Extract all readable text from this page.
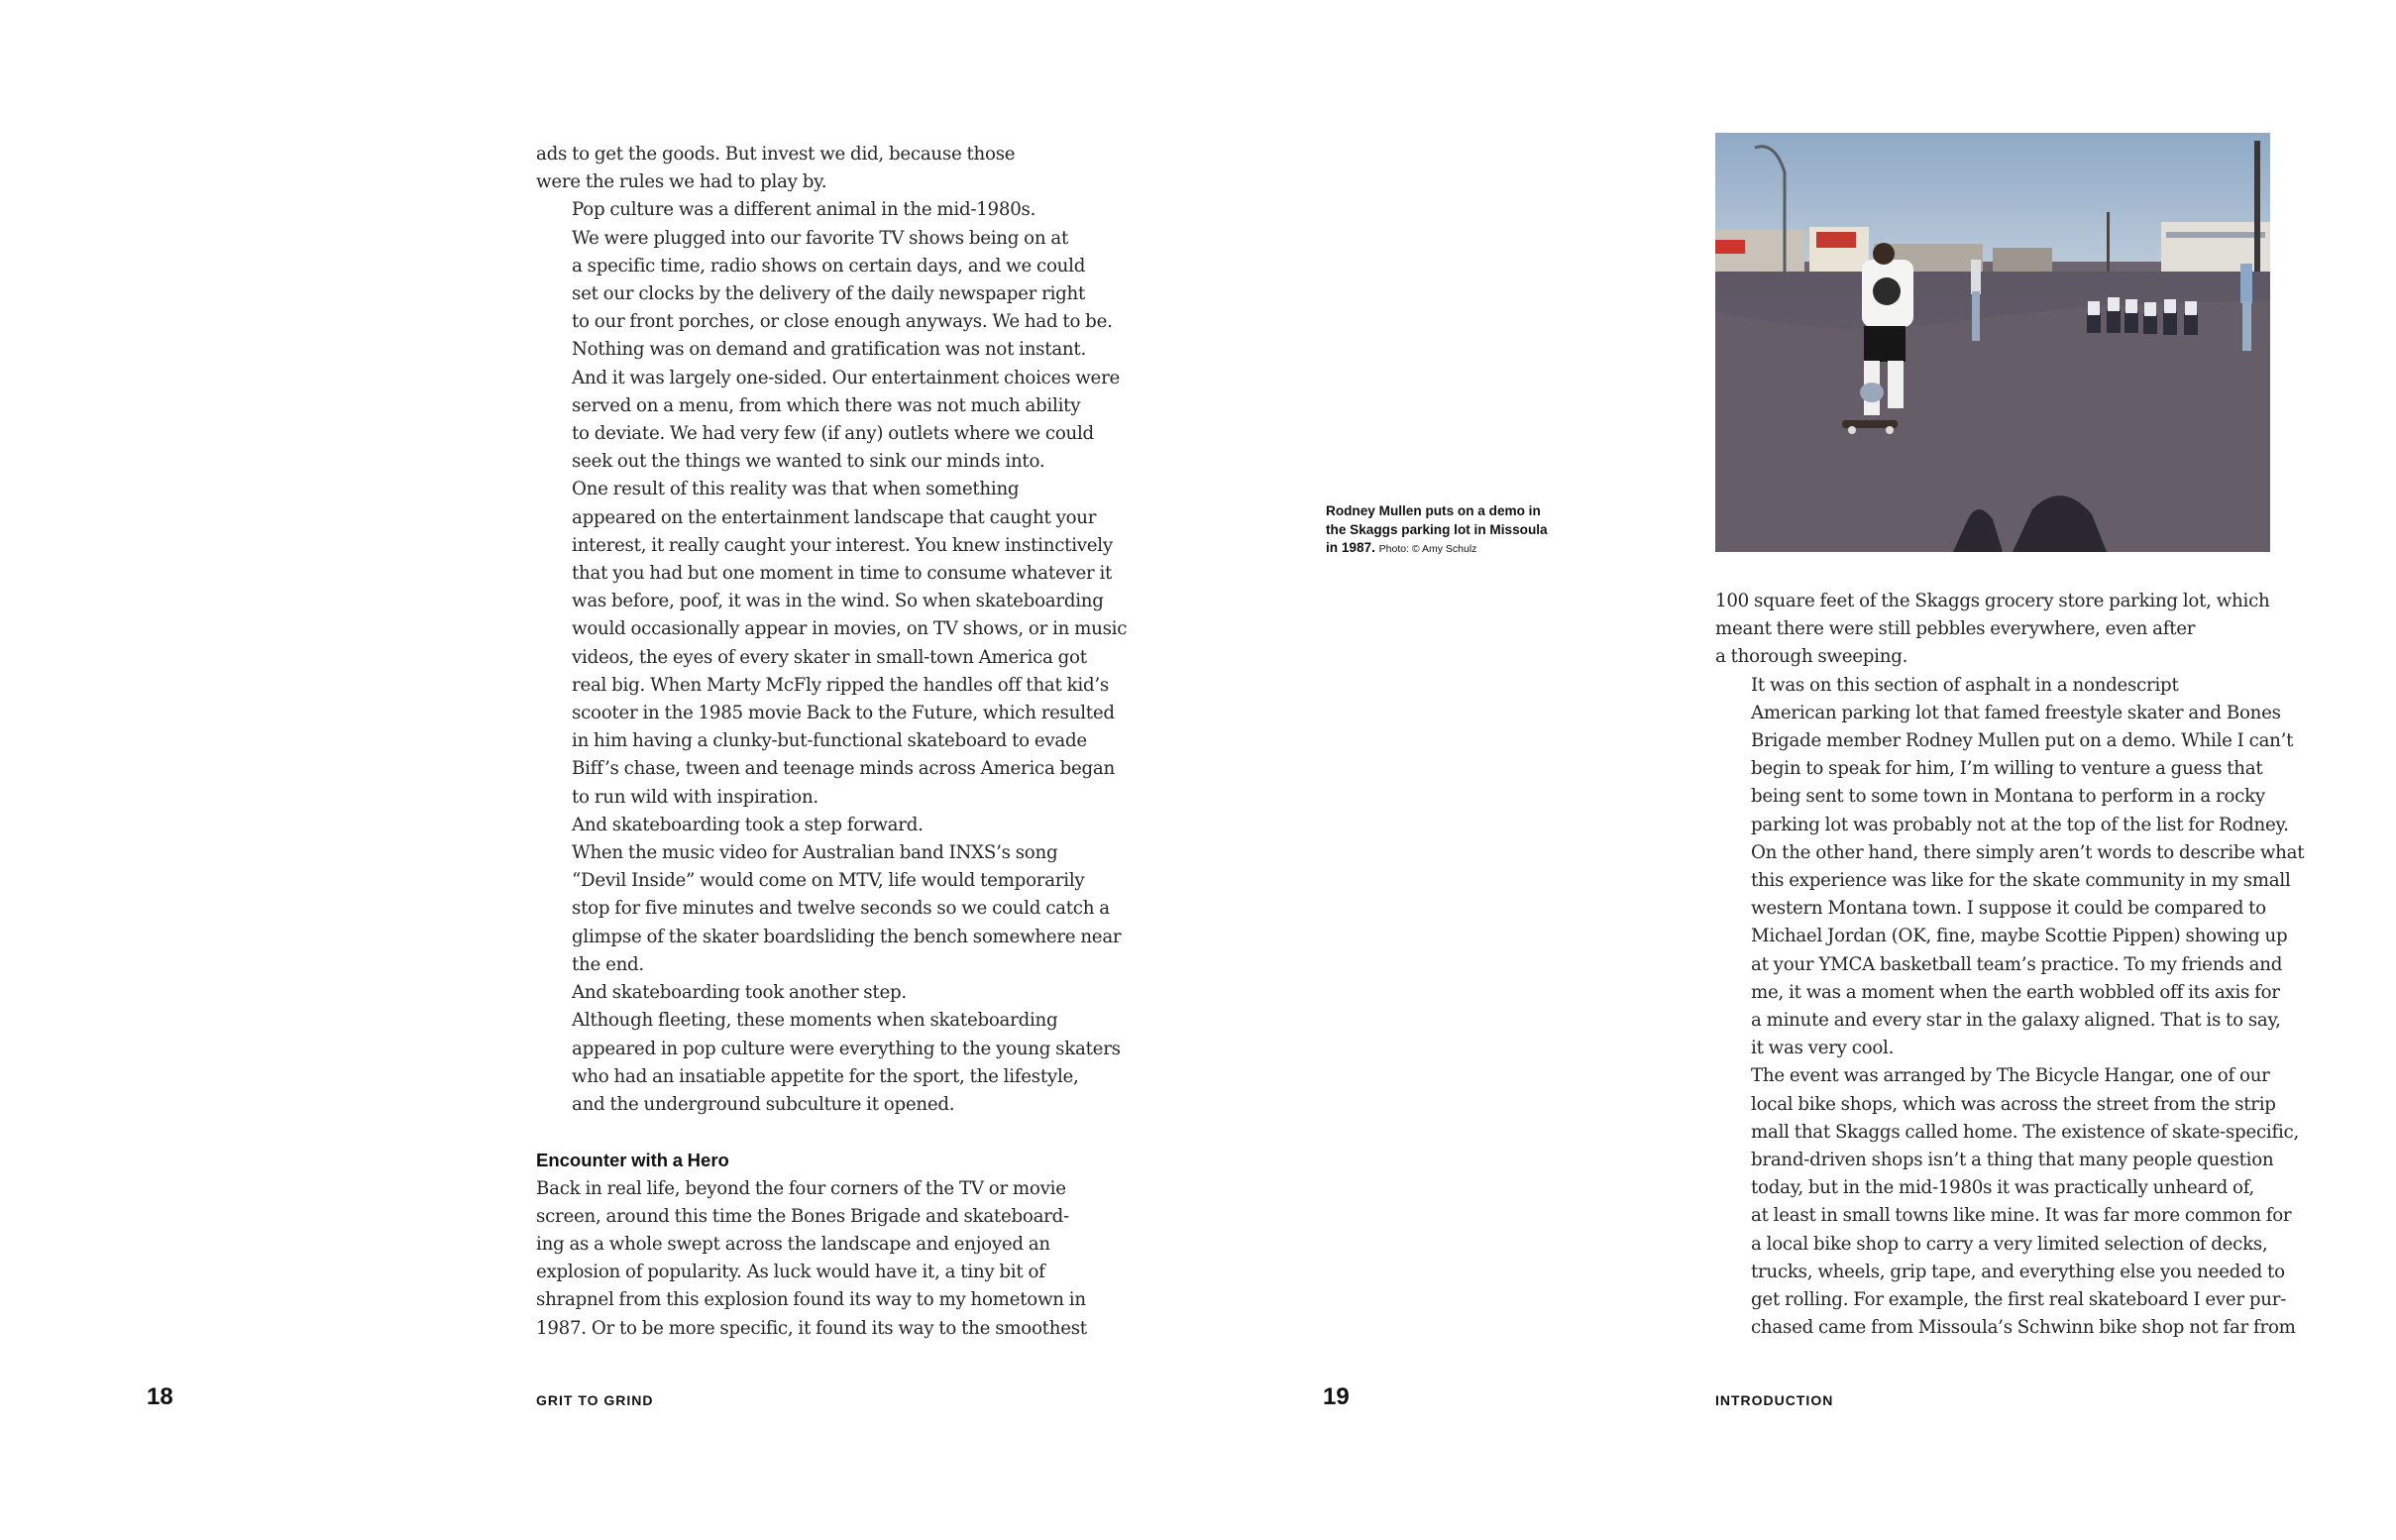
ads to get the goods. But invest we did, because those
were the rules we had to play by.

Pop culture was a different animal in the mid-1980s.
We were plugged into our favorite TV shows being on at
a specific time, radio shows on certain days, and we could
set our clocks by the delivery of the daily newspaper right
to our front porches, or close enough anyways. We had to be.
Nothing was on demand and gratification was not instant.
And it was largely one-sided. Our entertainment choices were
served on a menu, from which there was not much ability
to deviate. We had very few (if any) outlets where we could
seek out the things we wanted to sink our minds into.

One result of this reality was that when something
appeared on the entertainment landscape that caught your
interest, it really caught your interest. You knew instinctively
that you had but one moment in time to consume whatever it
was before, poof, it was in the wind. So when skateboarding
would occasionally appear in movies, on TV shows, or in music
videos, the eyes of every skater in small-town America got
real big. When Marty McFly ripped the handles off that kid’s
scooter in the 1985 movie Back to the Future, which resulted
in him having a clunky-but-functional skateboard to evade
Biff’s chase, tween and teenage minds across America began
to run wild with inspiration.

And skateboarding took a step forward.

When the music video for Australian band INXS’s song
“Devil Inside” would come on MTV, life would temporarily
stop for five minutes and twelve seconds so we could catch a
glimpse of the skater boardsliding the bench somewhere near
the end.

And skateboarding took another step.

Although fleeting, these moments when skateboarding
appeared in pop culture were everything to the young skaters
who had an insatiable appetite for the sport, the lifestyle,
and the underground subculture it opened.

Encounter with a Hero

Back in real life, beyond the four corners of the TV or movie
screen, around this time the Bones Brigade and skateboard-
ing as a whole swept across the landscape and enjoyed an
explosion of popularity. As luck would have it, a tiny bit of
shrapnel from this explosion found its way to my hometown in
1987. Or to be more specific, it found its way to the smoothest

18	GRIT TO GRIND
Rodney Mullen puts on a demo in
the Skaggs parking lot in Missoula
in 1987. Photo: © Amy Schulz

100 square feet of the Skaggs grocery store parking lot, which
meant there were still pebbles everywhere, even after
a thorough sweeping.

It was on this section of asphalt in a nondescript
American parking lot that famed freestyle skater and Bones
Brigade member Rodney Mullen put on a demo. While I can’t
begin to speak for him, I’m willing to venture a guess that
being sent to some town in Montana to perform in a rocky
parking lot was probably not at the top of the list for Rodney.
On the other hand, there simply aren’t words to describe what
this experience was like for the skate community in my small
western Montana town. I suppose it could be compared to
Michael Jordan (OK, fine, maybe Scottie Pippen) showing up
at your YMCA basketball team’s practice. To my friends and
me, it was a moment when the earth wobbled off its axis for
a minute and every star in the galaxy aligned. That is to say,
it was very cool.

The event was arranged by The Bicycle Hangar, one of our
local bike shops, which was across the street from the strip
mall that Skaggs called home. The existence of skate-specific,
brand-driven shops isn’t a thing that many people question
today, but in the mid-1980s it was practically unheard of,
at least in small towns like mine. It was far more common for
a local bike shop to carry a very limited selection of decks,
trucks, wheels, grip tape, and everything else you needed to
get rolling. For example, the first real skateboard I ever pur-
chased came from Missoula’s Schwinn bike shop not far from

19	INTRODUCTION
